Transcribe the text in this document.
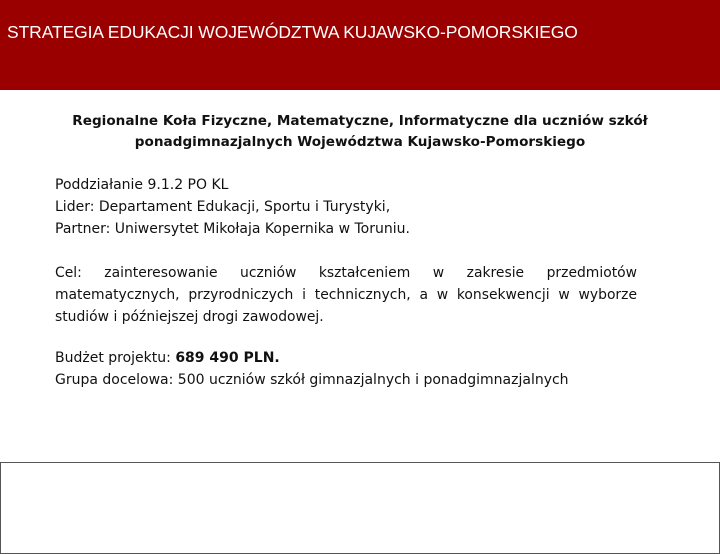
STRATEGIA EDUKACJI WOJEWÓDZTWA KUJAWSKO-POMORSKIEGO
Regionalne Koła Fizyczne, Matematyczne, Informatyczne dla uczniów szkół
ponadgimnazjalnych Województwa Kujawsko-Pomorskiego
Poddziałanie 9.1.2 PO KL
Lider: Departament Edukacji, Sportu i Turystyki,
Partner: Uniwersytet Mikołaja Kopernika w Toruniu.
Cel: zainteresowanie uczniów kształceniem w zakresie przedmiotów matematycznych, przyrodniczych i technicznych, a w konsekwencji w wyborze studiów i późniejszej drogi zawodowej.
Budżet projektu: 689 490 PLN.
Grupa docelowa: 500 uczniów szkół gimnazjalnych i ponadgimnazjalnych
